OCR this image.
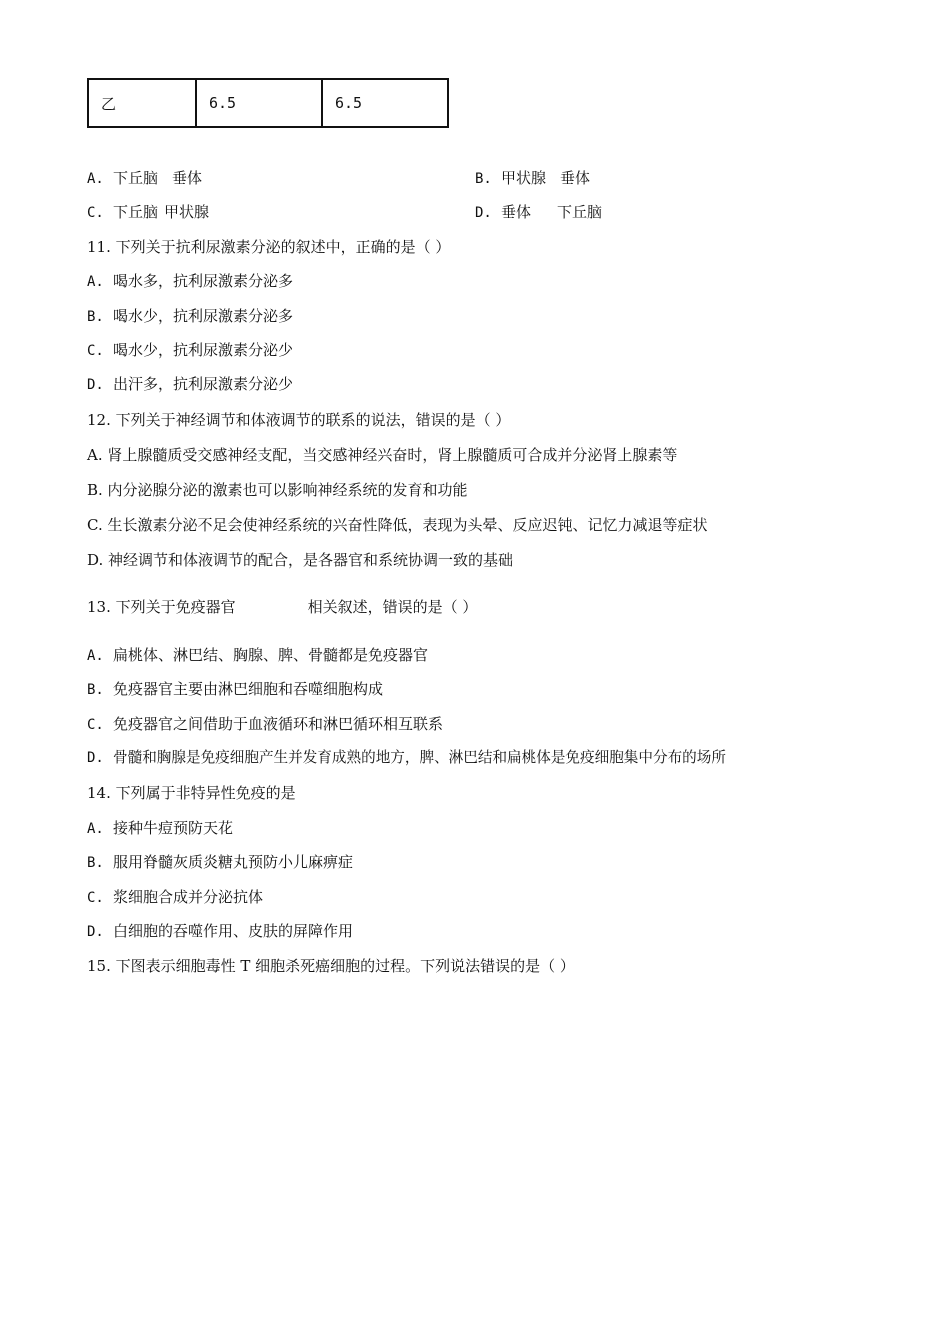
乙	6.5	6.5
A. 下丘脑 垂体	B. 甲状腺 垂体
C. 下丘脑 甲状腺	D. 垂体 下丘脑
11. 下列关于抗利尿激素分泌的叙述中，正确的是（ ）
A. 喝水多，抗利尿激素分泌多
B. 喝水少，抗利尿激素分泌多
C. 喝水少，抗利尿激素分泌少
D. 出汗多，抗利尿激素分泌少
12. 下列关于神经调节和体液调节的联系的说法，错误的是（ ）
A. 肾上腺髓质受交感神经支配，当交感神经兴奋时，肾上腺髓质可合成并分泌肾上腺素等
B. 内分泌腺分泌的激素也可以影响神经系统的发育和功能
C. 生长激素分泌不足会使神经系统的兴奋性降低，表现为头晕、反应迟钝、记忆力减退等症状
D. 神经调节和体液调节的配合，是各器官和系统协调一致的基础
13. 下列关于免疫器官	相关叙述，错误的是（ ）
A. 扁桃体、淋巴结、胸腺、脾、骨髓都是免疫器官
B. 免疫器官主要由淋巴细胞和吞噬细胞构成
C. 免疫器官之间借助于血液循环和淋巴循环相互联系
D. 骨髓和胸腺是免疫细胞产生并发育成熟的地方，脾、淋巴结和扁桃体是免疫细胞集中分布的场所
14. 下列属于非特异性免疫的是
A. 接种牛痘预防天花
B. 服用脊髓灰质炎糖丸预防小儿麻痹症
C. 浆细胞合成并分泌抗体
D. 白细胞的吞噬作用、皮肤的屏障作用
15. 下图表示细胞毒性 T 细胞杀死癌细胞的过程。下列说法错误的是（ ）
